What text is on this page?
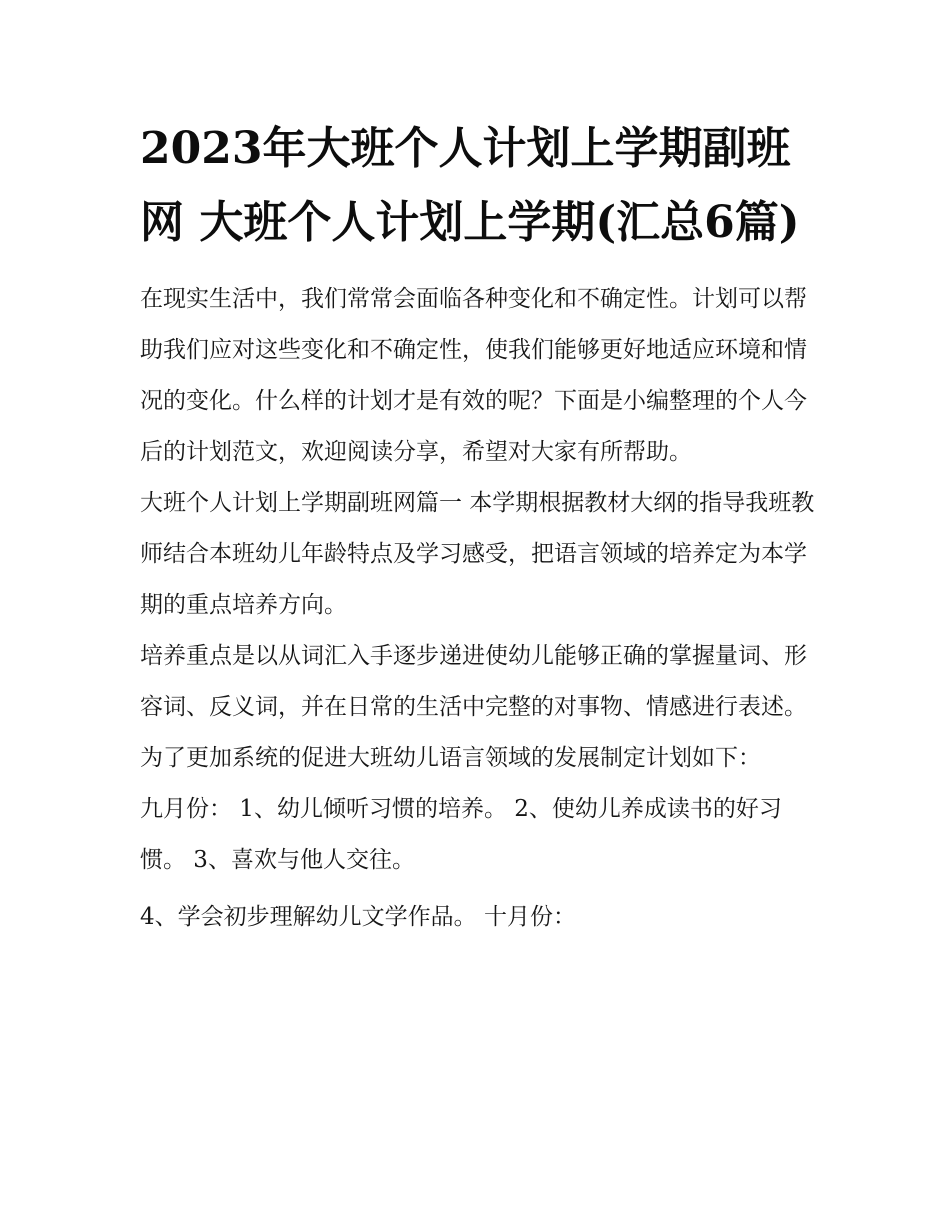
2023年大班个人计划上学期副班网 大班个人计划上学期(汇总6篇)

在现实生活中，我们常常会面临各种变化和不确定性。计划可以帮助我们应对这些变化和不确定性，使我们能够更好地适应环境和情况的变化。什么样的计划才是有效的呢？下面是小编整理的个人今后的计划范文，欢迎阅读分享，希望对大家有所帮助。

大班个人计划上学期副班网篇一 本学期根据教材大纲的指导我班教师结合本班幼儿年龄特点及学习感受，把语言领域的培养定为本学期的重点培养方向。

培养重点是以从词汇入手逐步递进使幼儿能够正确的掌握量词、形容词、反义词，并在日常的生活中完整的对事物、情感进行表述。

为了更加系统的促进大班幼儿语言领域的发展制定计划如下：

九月份： 1、幼儿倾听习惯的培养。 2、使幼儿养成读书的好习惯。 3、喜欢与他人交往。

4、学会初步理解幼儿文学作品。 十月份：
